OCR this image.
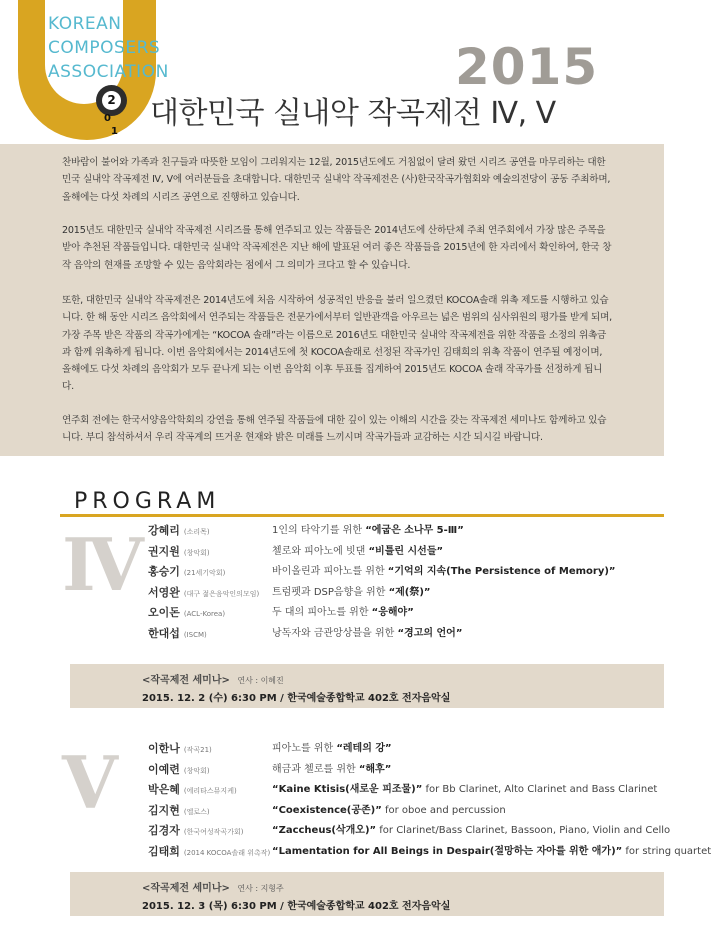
KOREAN
COMPOSERS
ASSOCIATION
2
0
1
2015
대한민국 실내악 작곡제전 Ⅳ, Ⅴ
찬바람이 불어와 가족과 친구들과 따뜻한 모임이 그리워지는 12월, 2015년도에도 거침없이 달려 왔던 시리즈 공연을 마무리하는 대한민국 실내악 작곡제전 Ⅳ, Ⅴ에 여러분들을 초대합니다. 대한민국 실내악 작곡제전은 (사)한국작곡가협회와 예술의전당이 공동 주최하며, 올해에는 다섯 차례의 시리즈 공연으로 진행하고 있습니다.
2015년도 대한민국 실내악 작곡제전 시리즈를 통해 연주되고 있는 작품들은 2014년도에 산하단체 주최 연주회에서 가장 많은 주목을 받아 추천된 작품들입니다. 대한민국 실내악 작곡제전은 지난 해에 발표된 여러 좋은 작품들을 2015년에 한 자리에서 확인하여, 한국 창작 음악의 현재를 조망할 수 있는 음악회라는 점에서 그 의미가 크다고 할 수 있습니다.
또한, 대한민국 실내악 작곡제전은 2014년도에 처음 시작하여 성공적인 반응을 불러 일으켰던 KOCOA솔래 위촉 제도를 시행하고 있습니다. 한 해 동안 시리즈 음악회에서 연주되는 작품들은 전문가에서부터 일반관객을 아우르는 넓은 범위의 심사위원의 평가를 받게 되며, 가장 주목 받은 작품의 작곡가에게는 “KOCOA 솔래”라는 이름으로 2016년도 대한민국 실내악 작곡제전을 위한 작품을 소정의 위촉금과 함께 위촉하게 됩니다. 이번 음악회에서는 2014년도에 첫 KOCOA솔래로 선정된 작곡가인 김태희의 위촉 작품이 연주될 예정이며, 올해에도 다섯 차례의 음악회가 모두 끝나게 되는 이번 음악회 이후 투표를 집계하여 2015년도 KOCOA 솔래 작곡가를 선정하게 됩니다.
연주회 전에는 한국서양음악학회의 강연을 통해 연주될 작품들에 대한 깊이 있는 이해의 시간을 갖는 작곡제전 세미나도 함께하고 있습니다. 부디 참석하셔서 우리 작곡계의 뜨거운 현재와 밝은 미래를 느끼시며 작곡가들과 교감하는 시간 되시길 바랍니다.
PROGRAM
Ⅳ 강혜리 (소리목)	1인의 타악기를 위한 “에굽은 소나무 5-Ⅲ”
권지원 (창악회)	첼로와 피아노에 빗댄 “비틀린 시선들”
홍승기 (21세기악회)	바이올린과 피아노를 위한 “기억의 지속(The Persistence of Memory)”
서영완 (대구 젊은음악인의모임) 트럼펫과 DSP음향을 위한 “제(祭)”
오이돈 (ACL-Korea)	두 대의 피아노를 위한 “응해야”
한대섭 (ISCM)	낭독자와 금관앙상블을 위한 “경고의 언어”
<작곡제전 세미나> 연사 : 이혜진
2015. 12. 2 (수) 6:30 PM / 한국예술종합학교 402호 전자음악실
Ⅴ	이한나 (작곡21)	피아노를 위한 “레테의 강”
이예련 (창악회)	해금과 첼로를 위한 “해후”
박은혜 (에리타스뮤지케)	“Kaine Ktisis(새로운 피조물)” for Bb Clarinet, Alto Clarinet and Bass Clarinet
김지현 (엘로스)	“Coexistence(공존)” for oboe and percussion
김경자 (한국여성작곡가회)	“Zaccheus(삭개오)” for Clarinet/Bass Clarinet, Bassoon, Piano, Violin and Cello
김태희 (2014 KOCOA솔래 위촉작) “Lamentation for All Beings in Despair(절망하는 자아를 위한 애가)” for string quartet
<작곡제전 세미나> 연사 : 지형주
2015. 12. 3 (목) 6:30 PM / 한국예술종합학교 402호 전자음악실
